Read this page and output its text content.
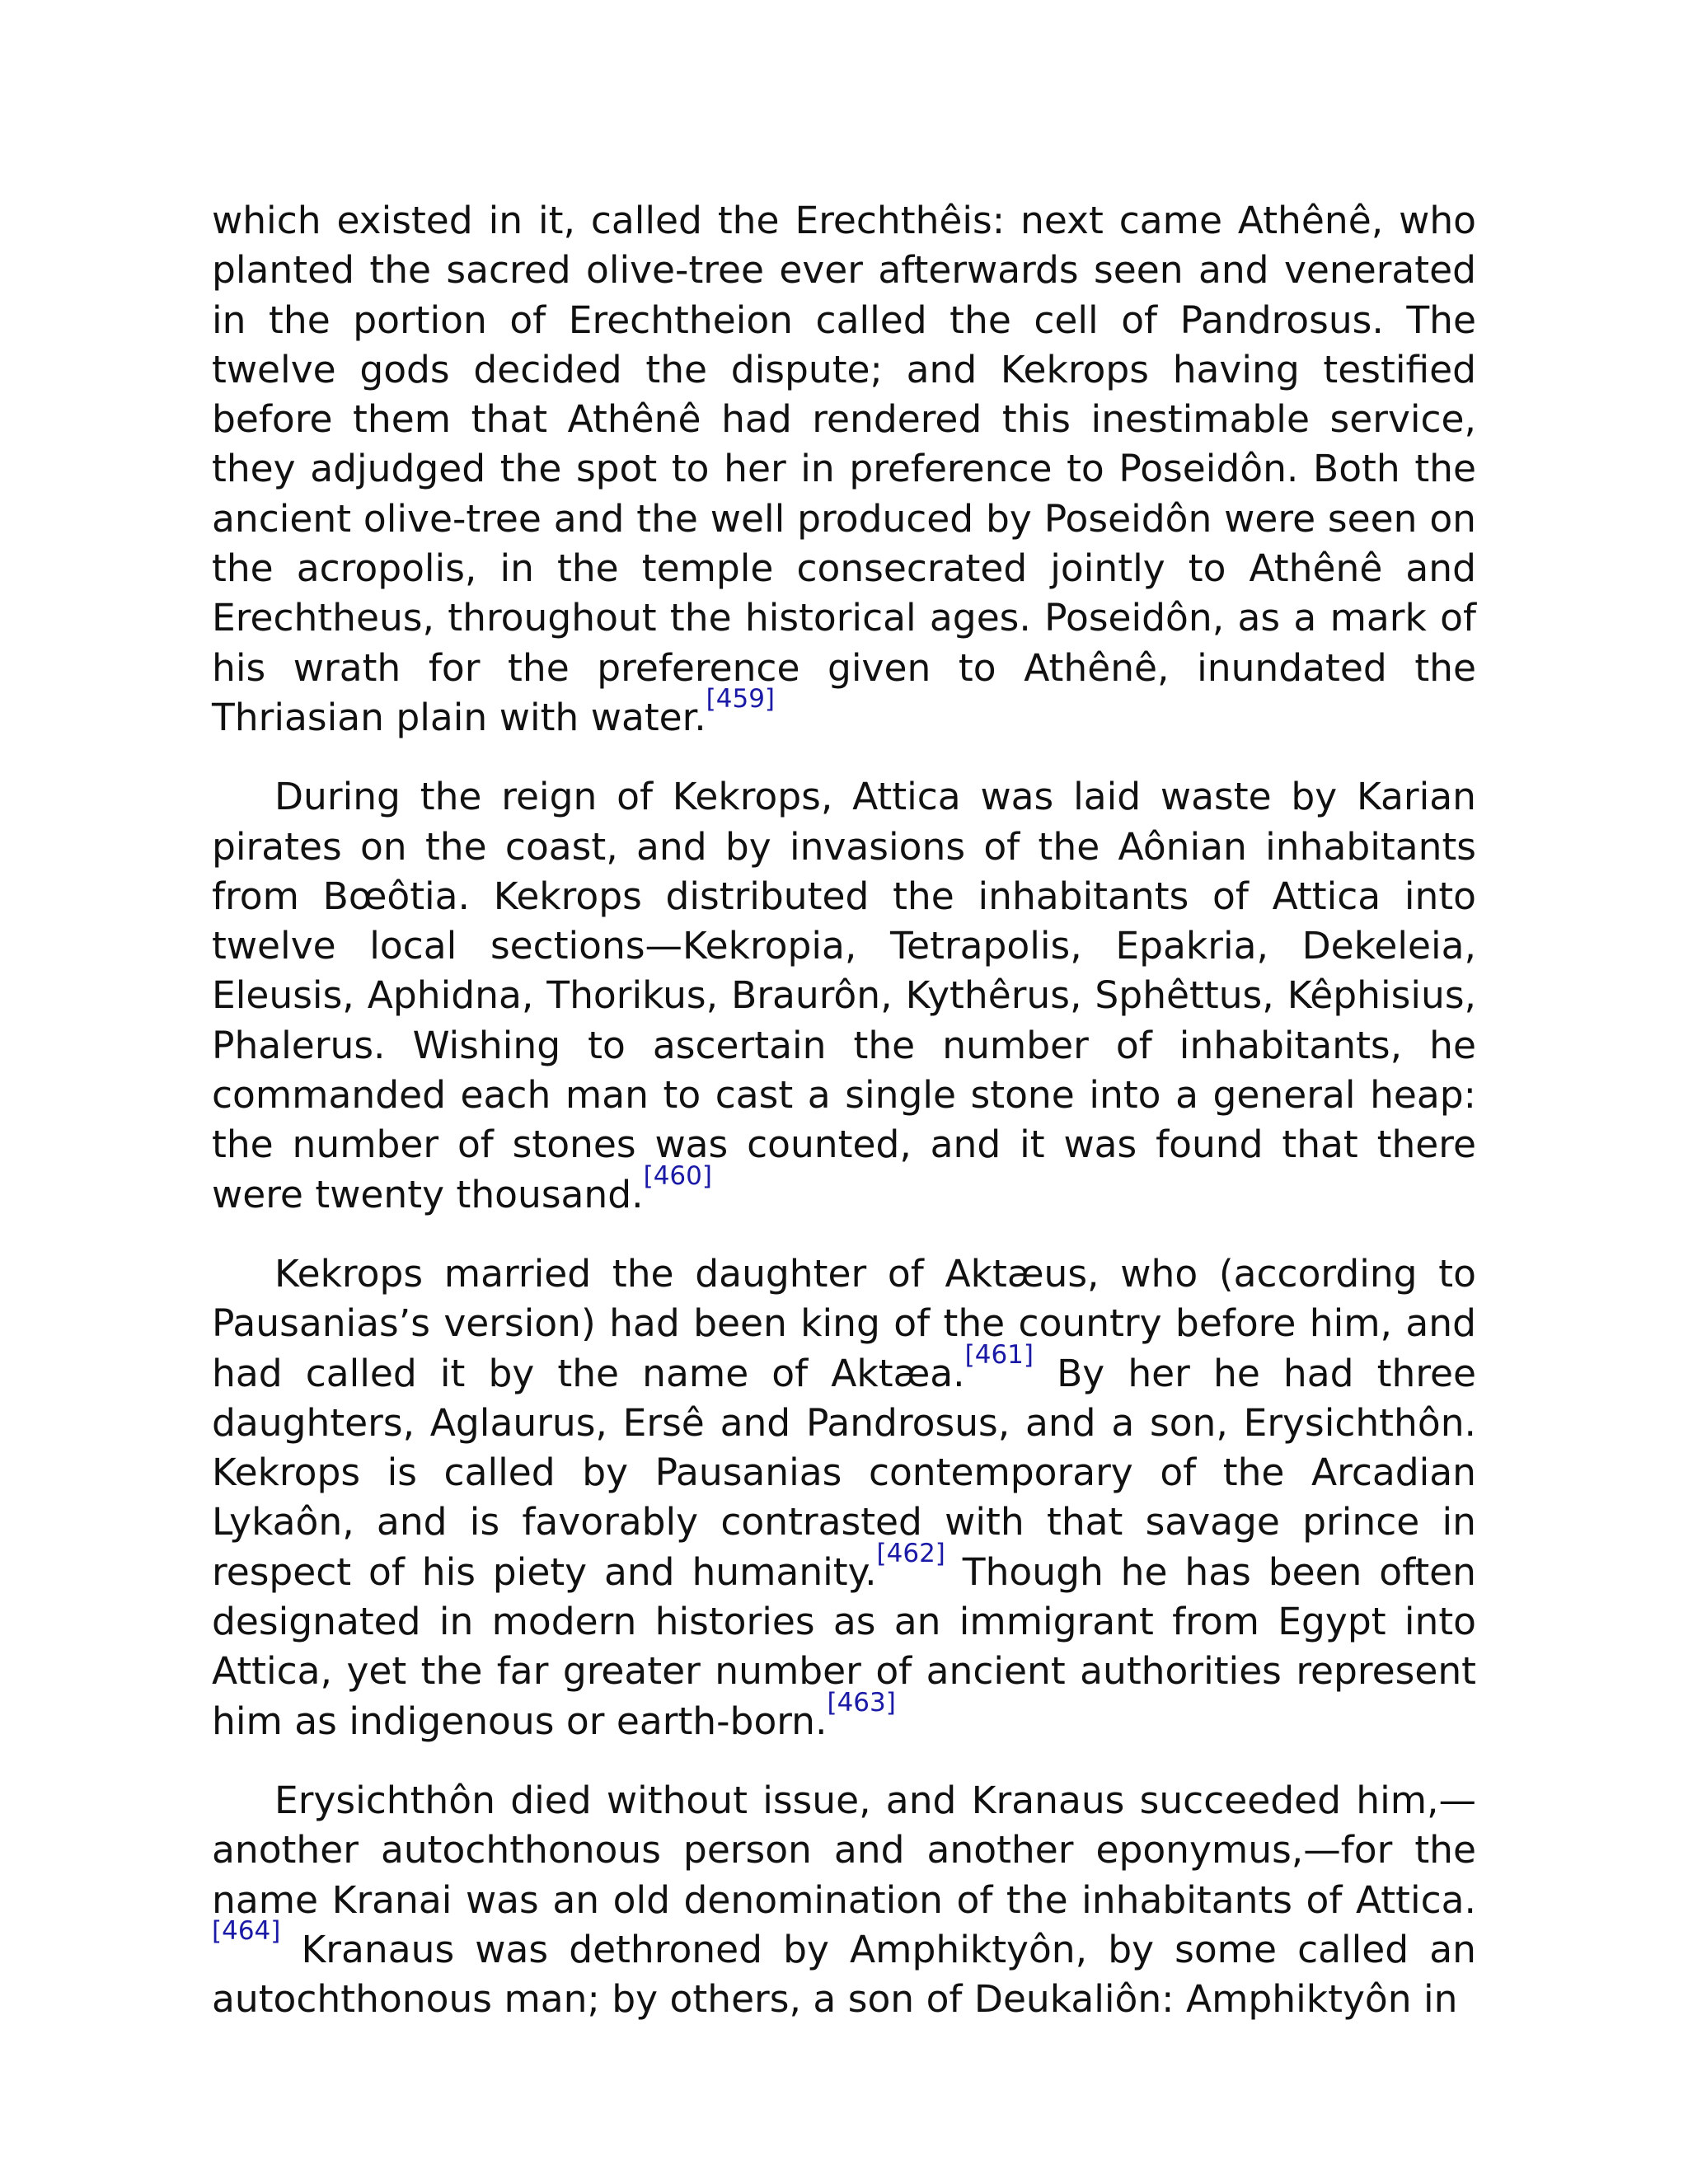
which existed in it, called the Erechthêis: next came Athênê, who planted the sacred olive-tree ever afterwards seen and venerated in the portion of Erechtheion called the cell of Pandrosus. The twelve gods decided the dispute; and Kekrops having testified before them that Athênê had rendered this inestimable service, they adjudged the spot to her in preference to Poseidôn. Both the ancient olive-tree and the well produced by Poseidôn were seen on the acropolis, in the temple consecrated jointly to Athênê and Erechtheus, throughout the historical ages. Poseidôn, as a mark of his wrath for the preference given to Athênê, inundated the Thriasian plain with water.[459]

During the reign of Kekrops, Attica was laid waste by Karian pirates on the coast, and by invasions of the Aônian inhabitants from Bœôtia. Kekrops distributed the inhabitants of Attica into twelve local sections—Kekropia, Tetrapolis, Epakria, Dekeleia, Eleusis, Aphidna, Thorikus, Braurôn, Kythêrus, Sphêttus, Kêphisius, Phalerus. Wishing to ascertain the number of inhabitants, he commanded each man to cast a single stone into a general heap: the number of stones was counted, and it was found that there were twenty thousand.[460]

Kekrops married the daughter of Aktæus, who (according to Pausanias’s version) had been king of the country before him, and had called it by the name of Aktæa.[461] By her he had three daughters, Aglaurus, Ersê and Pandrosus, and a son, Erysichthôn. Kekrops is called by Pausanias contemporary of the Arcadian Lykaôn, and is favorably contrasted with that savage prince in respect of his piety and humanity.[462] Though he has been often designated in modern histories as an immigrant from Egypt into Attica, yet the far greater number of ancient authorities represent him as indigenous or earth-born.[463]

Erysichthôn died without issue, and Kranaus succeeded him,—another autochthonous person and another eponymus,—for the name Kranai was an old denomination of the inhabitants of Attica.[464] Kranaus was dethroned by Amphiktyôn, by some called an autochthonous man; by others, a son of Deukaliôn: Amphiktyôn in
